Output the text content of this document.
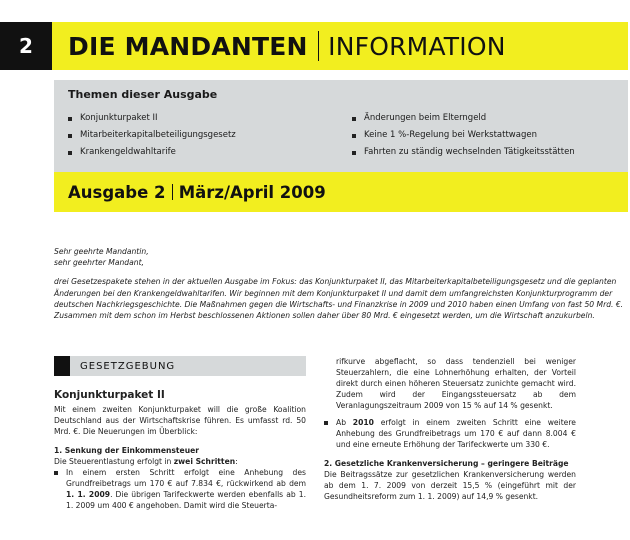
2	DIE MANDANTEN INFORMATION
Themen dieser Ausgabe
Konjunkturpaket II
Mitarbeiterkapitalbeteiligungsgesetz
Krankengeldwahltarife
Änderungen beim Elterngeld
Keine 1 %-Regelung bei Werkstattwagen
Fahrten zu ständig wechselnden Tätigkeitsstätten
Ausgabe 2 März/April 2009

Sehr geehrte Mandantin,

sehr geehrter Mandant,

drei Gesetzespakete stehen in der aktuellen Ausgabe im Fokus: das Konjunkturpaket II, das Mitarbeiterkapitalbeteiligungsgesetz und die geplanten Änderungen bei den Krankengeldwahltarifen. Wir beginnen mit dem Konjunkturpaket II und damit dem umfangreichsten Konjunkturprogramm der deutschen Nachkriegsgeschichte. Die Maßnahmen gegen die Wirtschafts- und Finanzkrise in 2009 und 2010 haben einen Umfang von fast 50 Mrd. €. Zusammen mit dem schon im Herbst beschlossenen Aktionen sollen daher über 80 Mrd. € eingesetzt werden, um die Wirtschaft anzukurbeln.

GESETZGEBUNG

Konjunkturpaket II

Mit einem zweiten Konjunkturpaket will die große Koalition Deutschland aus der Wirtschaftskrise führen. Es umfasst rd. 50 Mrd. €. Die Neuerungen im Überblick:

1. Senkung der Einkommensteuer

Die Steuerentlastung erfolgt in zwei Schritten:

In einem ersten Schritt erfolgt eine Anhebung des Grundfreibetrags um 170 € auf 7.834 €, rückwirkend ab dem 1. 1. 2009. Die übrigen Tarifeckwerte werden ebenfalls ab 1. 1. 2009 um 400 € angehoben. Damit wird die Steuerta-

rifkurve abgeflacht, so dass tendenziell bei weniger Steuerzahlern, die eine Lohnerhöhung erhalten, der Vorteil direkt durch einen höheren Steuersatz zunichte gemacht wird. Zudem wird der Eingangssteuersatz ab dem Veranlagungszeitraum 2009 von 15 % auf 14 % gesenkt.

Ab 2010 erfolgt in einem zweiten Schritt eine weitere Anhebung des Grundfreibetrags um 170 € auf dann 8.004 € und eine erneute Erhöhung der Tarifeckwerte um 330 €.

2. Gesetzliche Krankenversicherung – geringere Beiträge

Die Beitragssätze zur gesetzlichen Krankenversicherung werden ab dem 1. 7. 2009 von derzeit 15,5 % (eingeführt mit der Gesundheitsreform zum 1. 1. 2009) auf 14,9 % gesenkt.
